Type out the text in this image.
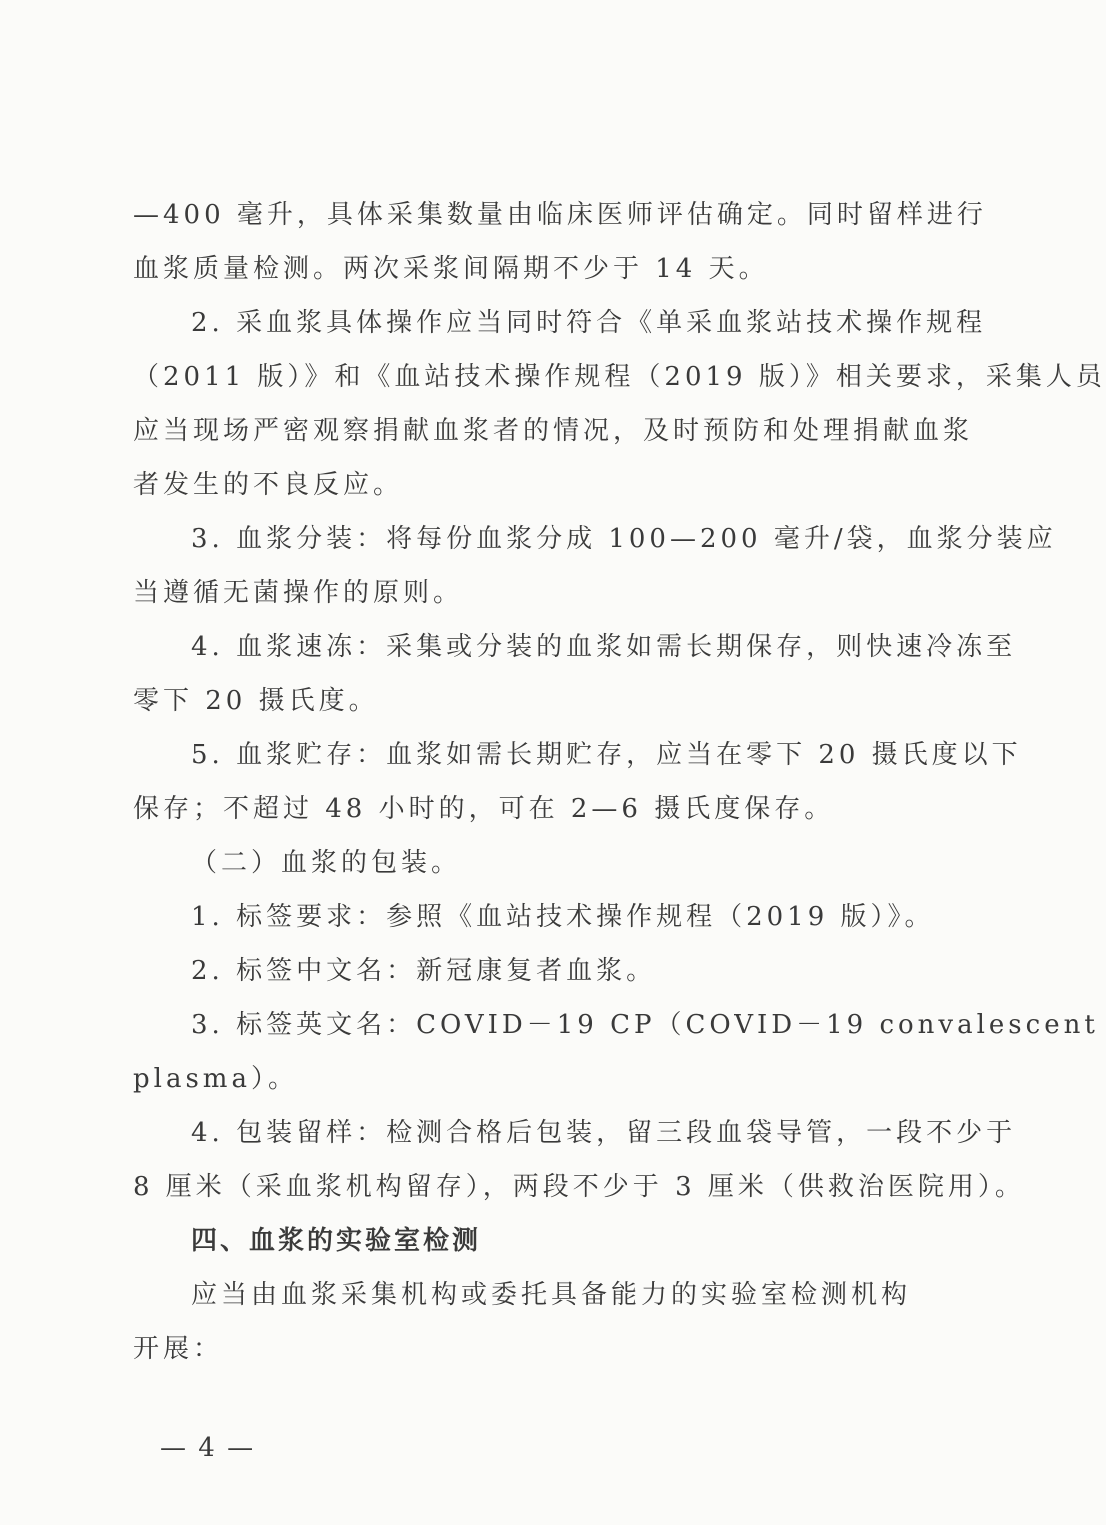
—400 毫升，具体采集数量由临床医师评估确定。同时留样进行
血浆质量检测。两次采浆间隔期不少于 14 天。
2. 采血浆具体操作应当同时符合《单采血浆站技术操作规程
（2011 版）》和《血站技术操作规程（2019 版）》相关要求，采集人员
应当现场严密观察捐献血浆者的情况，及时预防和处理捐献血浆
者发生的不良反应。
3. 血浆分装：将每份血浆分成 100—200 毫升/袋，血浆分装应
当遵循无菌操作的原则。
4. 血浆速冻：采集或分装的血浆如需长期保存，则快速冷冻至
零下 20 摄氏度。
5. 血浆贮存：血浆如需长期贮存，应当在零下 20 摄氏度以下
保存；不超过 48 小时的，可在 2—6 摄氏度保存。
（二）血浆的包装。
1. 标签要求：参照《血站技术操作规程（2019 版）》。
2. 标签中文名：新冠康复者血浆。
3. 标签英文名：COVID－19 CP（COVID－19 convalescent
plasma）。
4. 包装留样：检测合格后包装，留三段血袋导管，一段不少于
8 厘米（采血浆机构留存），两段不少于 3 厘米（供救治医院用）。
四、血浆的实验室检测
应当由血浆采集机构或委托具备能力的实验室检测机构
开展：
— 4 —
